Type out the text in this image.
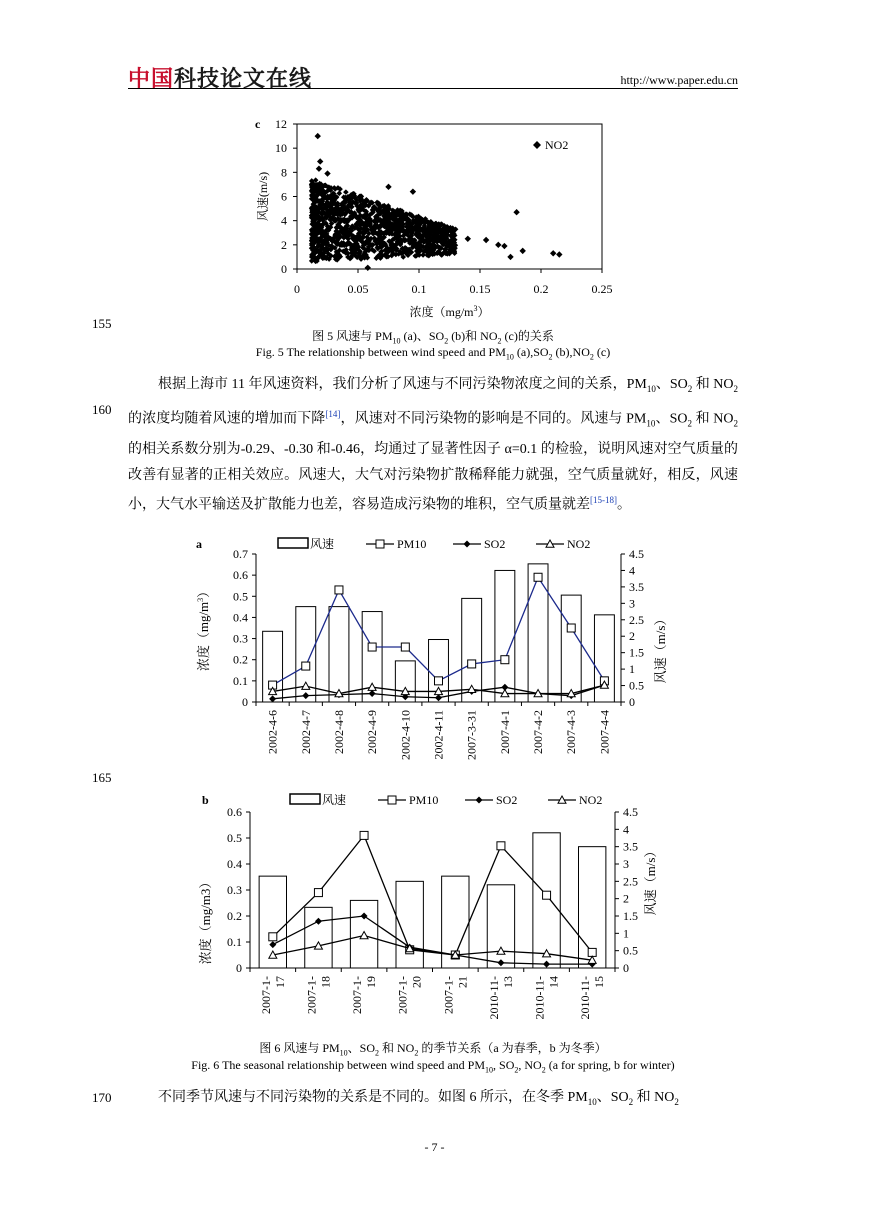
中国科技论文在线	http://www.paper.edu.cn
c
0
2
4
6
8
10
12
0	0.05	0.1	0.15	0.2	0.25
浓度$(mg/m^3)$
风速(m/s)
NO2
155
图 5 风速与 $PM_{10}$ (a)、$SO_2$ (b)和 $NO_2$ (c)的关系
Fig. 5 The relationship between wind speed and $PM_{10}$ $(a),SO_2$ $(b),NO_2$ (c)
160

根据上海市 11 年风速资料，我们分析了风速与不同污染物浓度之间的关系，$PM_{10}$、$SO_2$ 和 $NO_2$ 的浓度均随着风速的增加而下降[14]，风速对不同污染物的影响是不同的。风速与 $PM_{10}$、$SO_2$ 和 $NO_2$ 的相关系数分别为-0.29、-0.30 和-0.46，均通过了显著性因子 α=0.1 的检验，说明风速对空气质量的改善有显著的正相关效应。风速大，大气对污染物扩散稀释能力就强，空气质量就好，相反，风速小，大气水平输送及扩散能力也差，容易造成污染物的堆积，空气质量就差[15-18]。

a
0
0.1
0.2
0.3
0.4
0.5
0.6
0.7
0
0.5
1
1.5
2
2.5
3
3.5
4
4.5
2002-4-6 2002-4-7 2002-4-8 2002-4-9 2002-4-10 2002-4-11 2007-3-31 2007-4-1 2007-4-2 2007-4-3 2007-4-4
风速	PM10	SO2	NO2
浓度$(mg/m^3)$
风速（m/s）
165
b
0
0.1
0.2
0.3
0.4
0.5
0.6
0
0.5
1
1.5
2
2.5
3
3.5
4
4.5
2007-1- 17 2007-1- 18 2007-1- 19 2007-1- 20 2007-1- 21 2010-11- 13 2010-11- 14 2010-11- 15
风速	PM10	SO2	NO2
浓度（mg/m3）	风速（m/s）
图 6 风速与 $PM_{10}$、$SO_2$ 和 $NO_2$ 的季节关系（a 为春季，b 为冬季）
Fig. 6 The seasonal relationship between wind speed and $PM_{10}$, $SO_2$, $NO_2$ (a for spring, b for winter)
170	不同季节风速与不同污染物的关系是不同的。如图 6 所示，在冬季 $PM_{10}$、$SO_2$ 和 $NO_2$

- 7 -
